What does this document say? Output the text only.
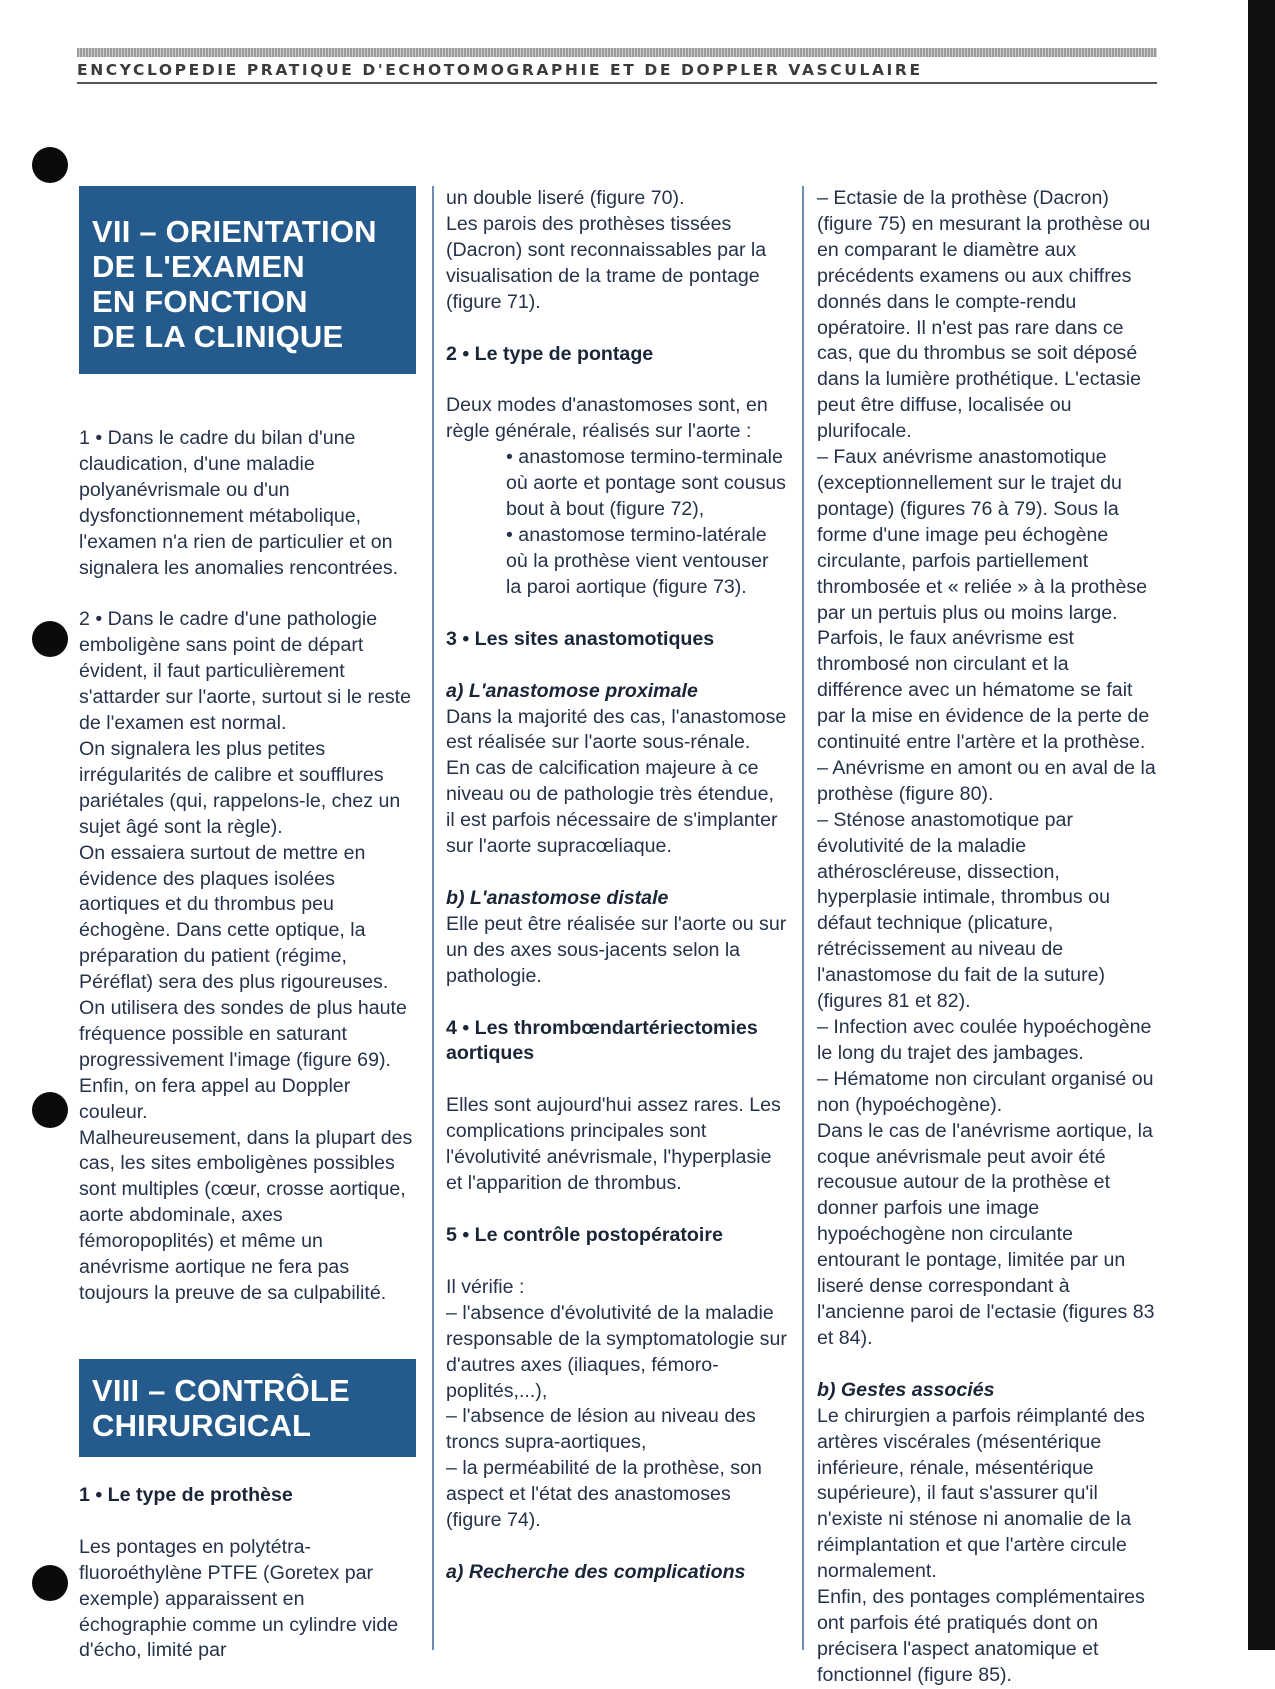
ENCYCLOPEDIE PRATIQUE D'ECHOTOMOGRAPHIE ET DE DOPPLER VASCULAIRE
VII – ORIENTATION
DE L'EXAMEN
EN FONCTION
DE LA CLINIQUE

1 • Dans le cadre du bilan d'une claudication, d'une maladie polyanévrismale ou d'un dysfonctionnement métabolique, l'examen n'a rien de particulier et on signalera les anomalies rencontrées.

2 • Dans le cadre d'une pathologie emboligène sans point de départ évident, il faut particulièrement s'attarder sur l'aorte, surtout si le reste de l'examen est normal.

On signalera les plus petites irrégularités de calibre et soufflures pariétales (qui, rappelons-le, chez un sujet âgé sont la règle).

On essaiera surtout de mettre en évidence des plaques isolées aortiques et du thrombus peu échogène. Dans cette optique, la préparation du patient (régime, Péréflat) sera des plus rigoureuses. On utilisera des sondes de plus haute fréquence possible en saturant progressivement l'image (figure 69). Enfin, on fera appel au Doppler couleur.

Malheureusement, dans la plupart des cas, les sites emboligènes possibles sont multiples (cœur, crosse aortique, aorte abdominale, axes fémoropoplités) et même un anévrisme aortique ne fera pas toujours la preuve de sa culpabilité.

VIII – CONTRÔLE
CHIRURGICAL

1 • Le type de prothèse

Les pontages en polytétra-fluoroéthylène PTFE (Goretex par exemple) apparaissent en échographie comme un cylindre vide d'écho, limité par

un double liseré (figure 70).

Les parois des prothèses tissées (Dacron) sont reconnaissables par la visualisation de la trame de pontage (figure 71).

2 • Le type de pontage

Deux modes d'anastomoses sont, en règle générale, réalisés sur l'aorte :

• anastomose termino-terminale où aorte et pontage sont cousus bout à bout (figure 72),

• anastomose termino-latérale où la prothèse vient ventouser la paroi aortique (figure 73).

3 • Les sites anastomotiques

a) L'anastomose proximale

Dans la majorité des cas, l'anastomose est réalisée sur l'aorte sous-rénale.

En cas de calcification majeure à ce niveau ou de pathologie très étendue, il est parfois nécessaire de s'implanter sur l'aorte supracœliaque.

b) L'anastomose distale

Elle peut être réalisée sur l'aorte ou sur un des axes sous-jacents selon la pathologie.

4 • Les thrombœndartériectomies aortiques

Elles sont aujourd'hui assez rares. Les complications principales sont l'évolutivité anévrismale, l'hyperplasie et l'apparition de thrombus.

5 • Le contrôle postopératoire

Il vérifie :

– l'absence d'évolutivité de la maladie responsable de la symptomatologie sur d'autres axes (iliaques, fémoro-poplités,...),

– l'absence de lésion au niveau des troncs supra-aortiques,

– la perméabilité de la prothèse, son aspect et l'état des anastomoses (figure 74).

a) Recherche des complications

– Ectasie de la prothèse (Dacron) (figure 75) en mesurant la prothèse ou en comparant le diamètre aux précédents examens ou aux chiffres donnés dans le compte-rendu opératoire. Il n'est pas rare dans ce cas, que du thrombus se soit déposé dans la lumière prothétique. L'ectasie peut être diffuse, localisée ou plurifocale.

– Faux anévrisme anastomotique (exceptionnellement sur le trajet du pontage) (figures 76 à 79). Sous la forme d'une image peu échogène circulante, parfois partiellement thrombosée et « reliée » à la prothèse par un pertuis plus ou moins large. Parfois, le faux anévrisme est thrombosé non circulant et la différence avec un hématome se fait par la mise en évidence de la perte de continuité entre l'artère et la prothèse.

– Anévrisme en amont ou en aval de la prothèse (figure 80).

– Sténose anastomotique par évolutivité de la maladie athéroscléreuse, dissection, hyperplasie intimale, thrombus ou défaut technique (plicature, rétrécissement au niveau de l'anastomose du fait de la suture) (figures 81 et 82).

– Infection avec coulée hypoéchogène le long du trajet des jambages.

– Hématome non circulant organisé ou non (hypoéchogène).

Dans le cas de l'anévrisme aortique, la coque anévrismale peut avoir été recousue autour de la prothèse et donner parfois une image hypoéchogène non circulante entourant le pontage, limitée par un liseré dense correspondant à l'ancienne paroi de l'ectasie (figures 83 et 84).

b) Gestes associés

Le chirurgien a parfois réimplanté des artères viscérales (mésentérique inférieure, rénale, mésentérique supérieure), il faut s'assurer qu'il n'existe ni sténose ni anomalie de la réimplantation et que l'artère circule normalement.

Enfin, des pontages complémentaires ont parfois été pratiqués dont on précisera l'aspect anatomique et fonctionnel (figure 85).
